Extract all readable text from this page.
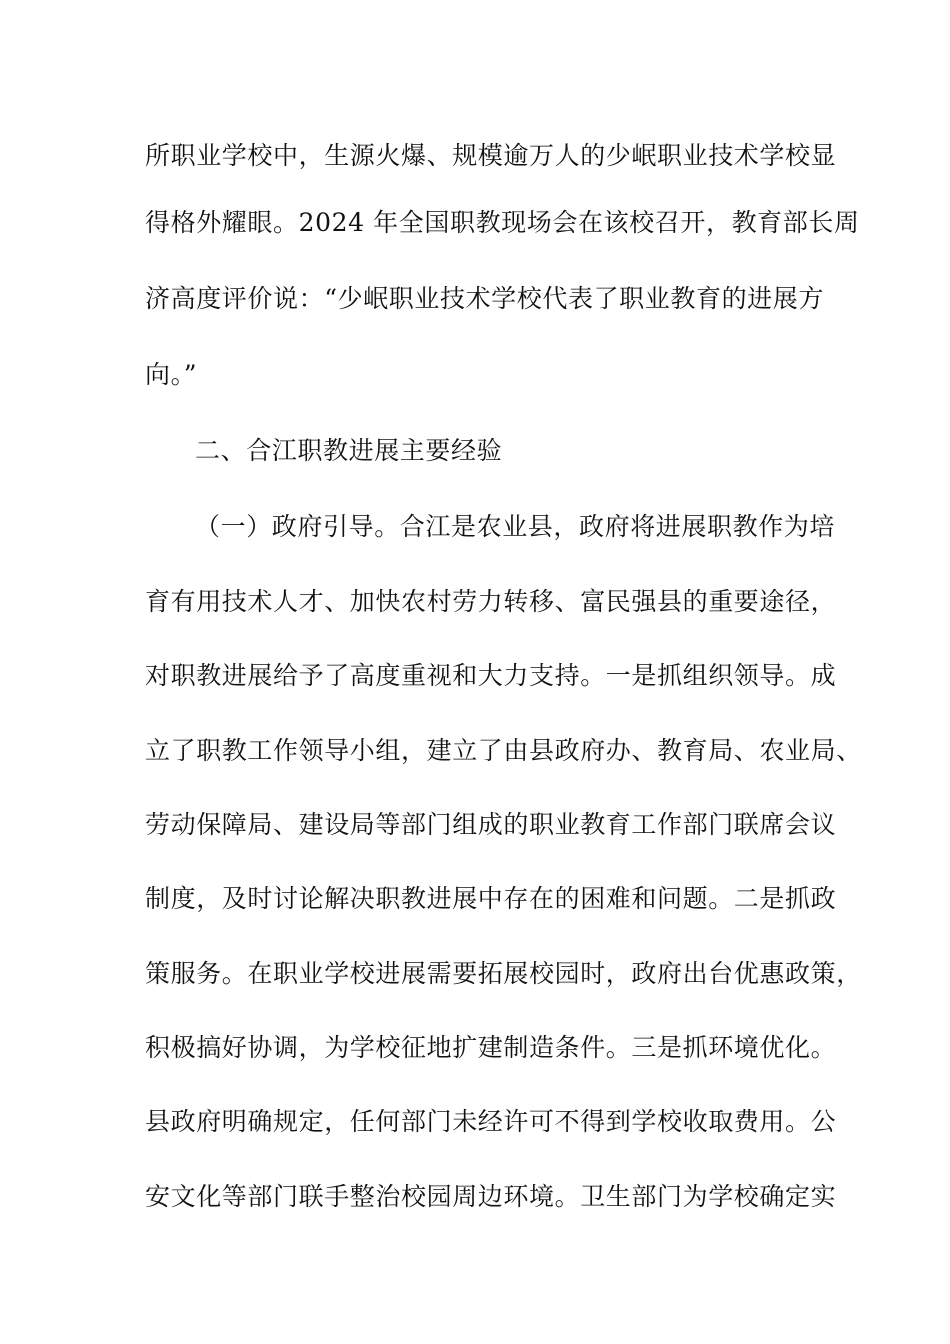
所职业学校中，生源火爆、规模逾万人的少岷职业技术学校显
得格外耀眼。2024 年全国职教现场会在该校召开，教育部长周
济高度评价说：“少岷职业技术学校代表了职业教育的进展方
向。”
二、合江职教进展主要经验
（一）政府引导。合江是农业县，政府将进展职教作为培
育有用技术人才、加快农村劳力转移、富民强县的重要途径，
对职教进展给予了高度重视和大力支持。一是抓组织领导。成
立了职教工作领导小组，建立了由县政府办、教育局、农业局、
劳动保障局、建设局等部门组成的职业教育工作部门联席会议
制度，及时讨论解决职教进展中存在的困难和问题。二是抓政
策服务。在职业学校进展需要拓展校园时，政府出台优惠政策，
积极搞好协调，为学校征地扩建制造条件。三是抓环境优化。
县政府明确规定，任何部门未经许可不得到学校收取费用。公
安文化等部门联手整治校园周边环境。卫生部门为学校确定实
